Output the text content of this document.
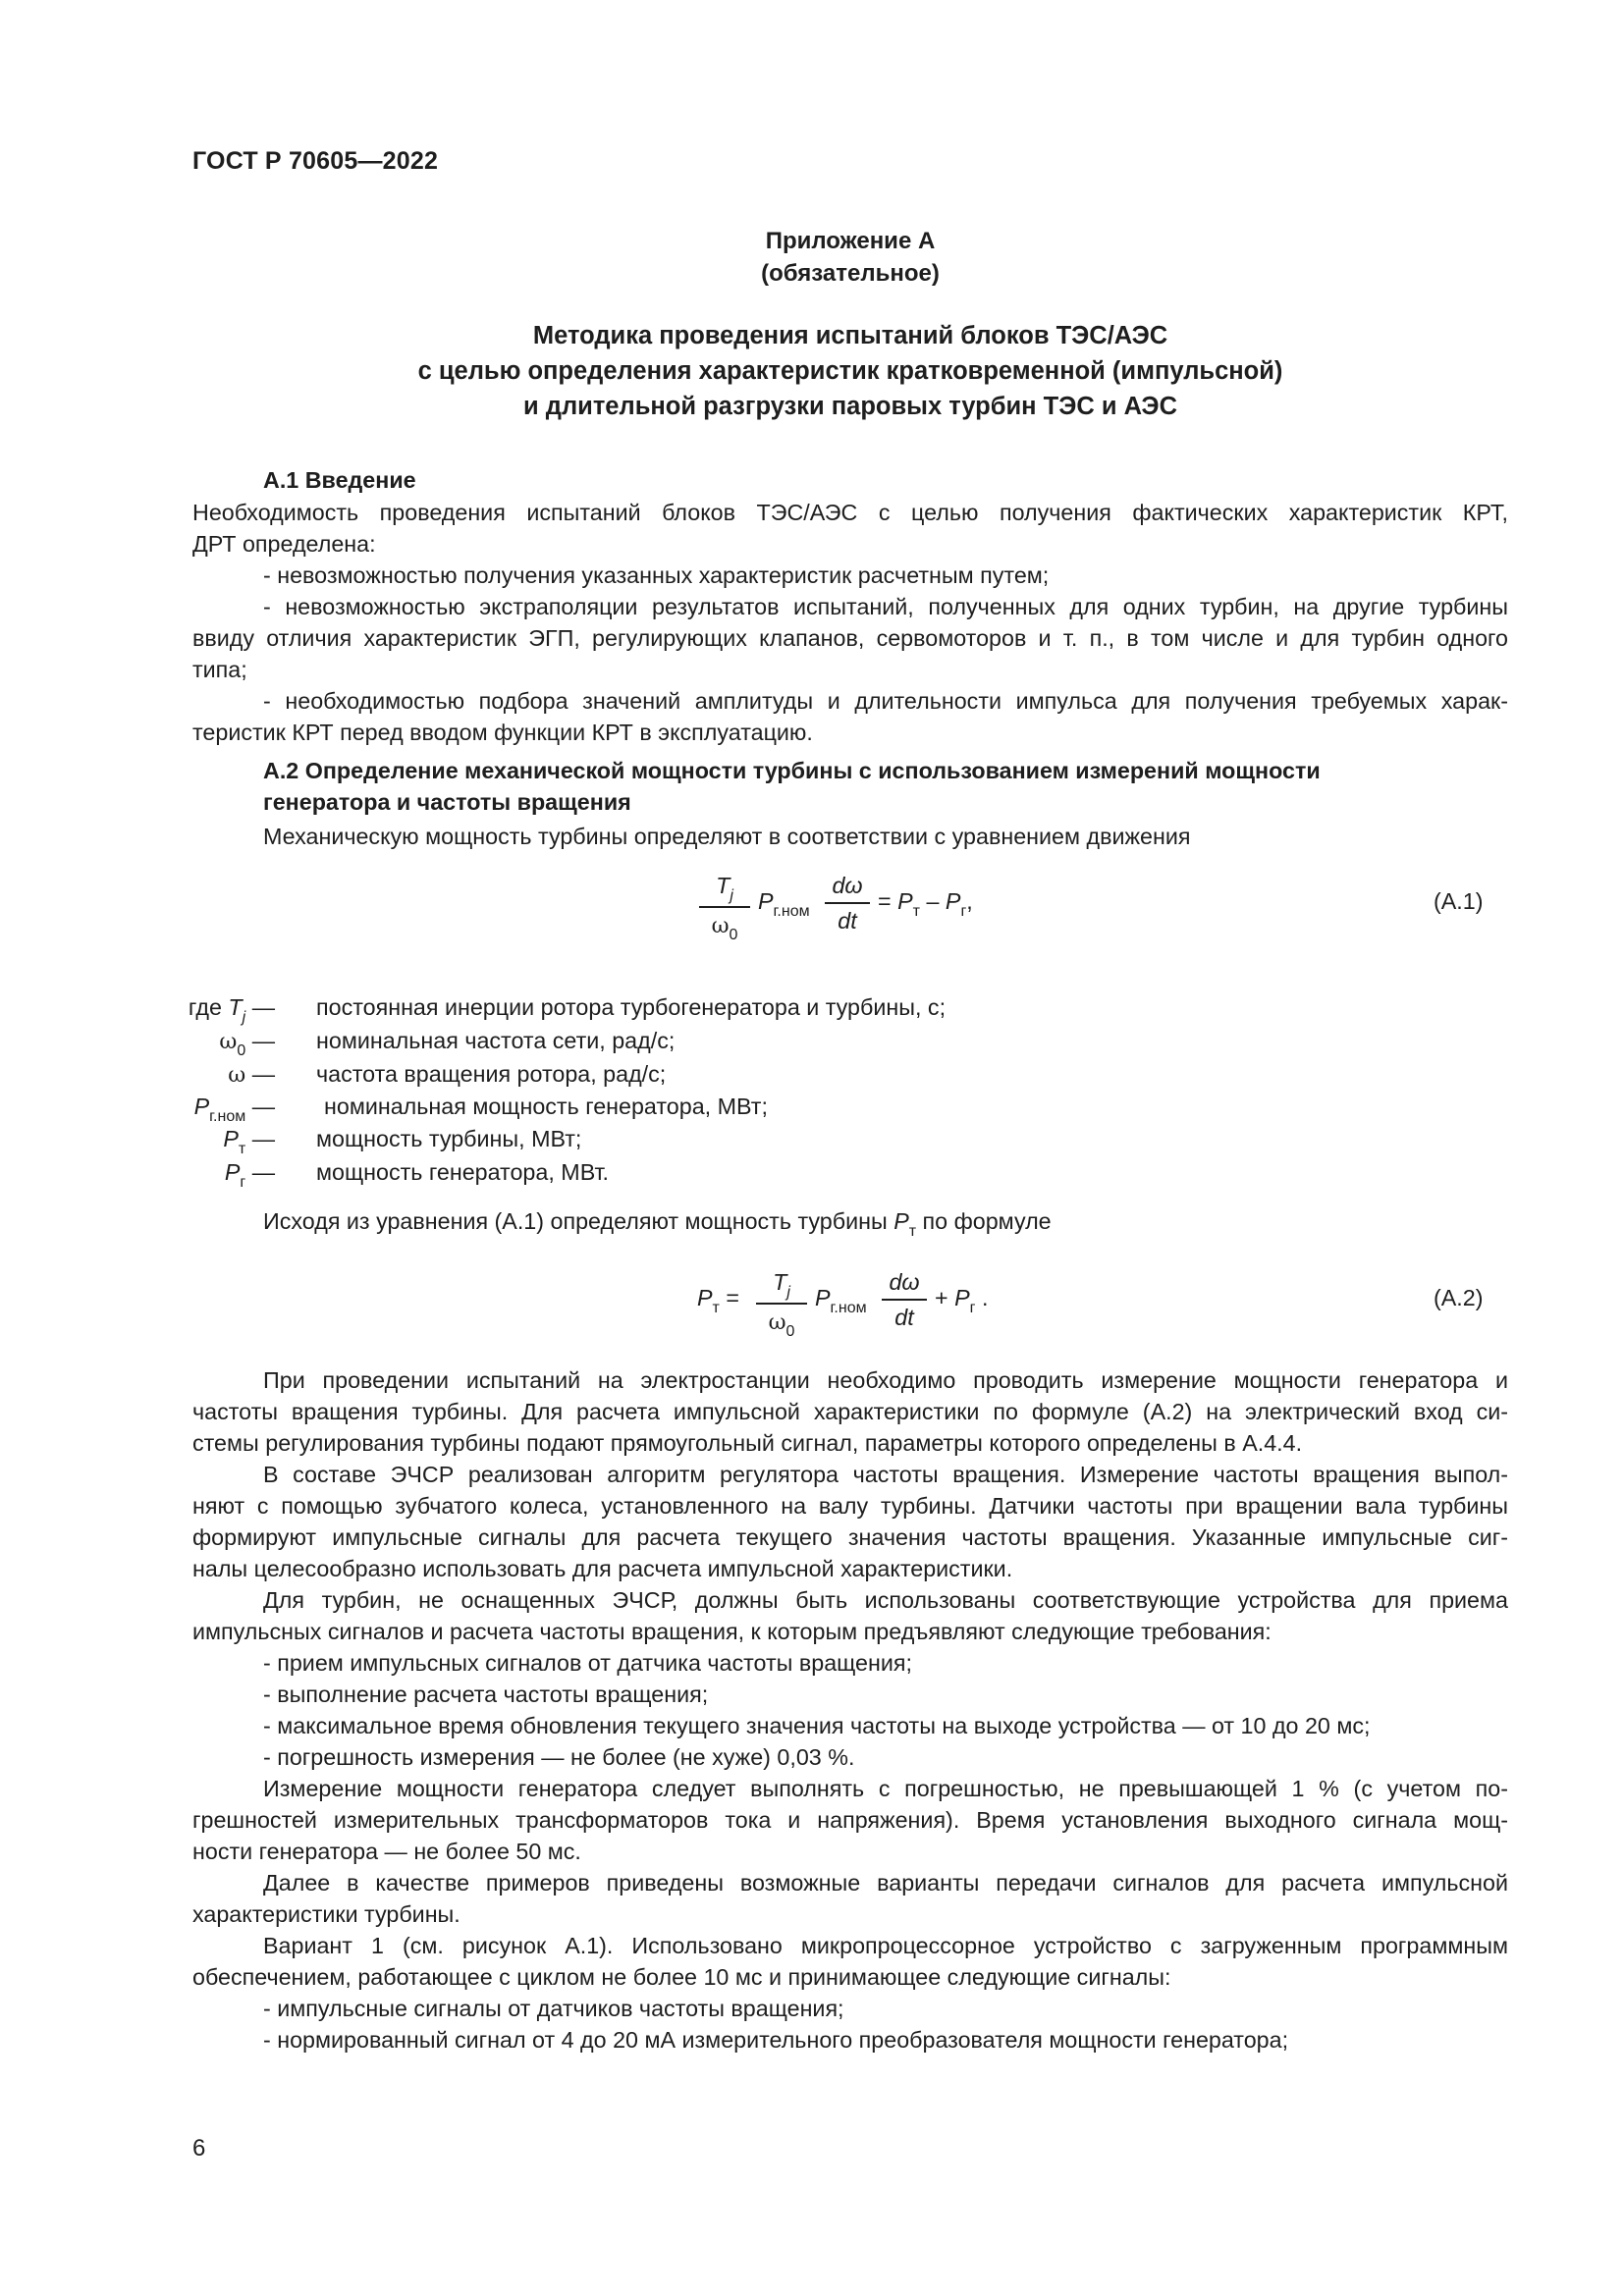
ГОСТ Р 70605—2022
Приложение А
(обязательное)
Методика проведения испытаний блоков ТЭС/АЭС
с целью определения характеристик кратковременной (импульсной)
и длительной разгрузки паровых турбин ТЭС и АЭС
А.1 Введение
Необходимость проведения испытаний блоков ТЭС/АЭС с целью получения фактических характеристик КРТ,
ДРТ определена:
- невозможностью получения указанных характеристик расчетным путем;
- невозможностью экстраполяции результатов испытаний, полученных для одних турбин, на другие турбины
ввиду отличия характеристик ЭГП, регулирующих клапанов, сервомоторов и т. п., в том числе и для турбин одного
типа;
- необходимостью подбора значений амплитуды и длительности импульса для получения требуемых харак-
теристик КРТ перед вводом функции КРТ в эксплуатацию.
А.2 Определение механической мощности турбины с использованием измерений мощности
генератора и частоты вращения
Механическую мощность турбины определяют в соответствии с уравнением движения
$T_j$
$\omega_0$
$P_{г.ном}$
dω
dt
= $P_т - P_г$,	(А.1)
где $T_j$ — постоянная инерции ротора турбогенератора и турбины, с;
$\omega_0$ — номинальная частота сети, рад/с;
ω — частота вращения ротора, рад/с;
$P_{г.ном}$ — номинальная мощность генератора, МВт;
$P_т$ — мощность турбины, МВт;
$P_г$ — мощность генератора, МВт.
Исходя из уравнения (А.1) определяют мощность турбины $P_т$ по формуле
$P_т$ =
$T_j$
$\omega_0$
$P_{г.ном}$
dω
dt
+ $P_г$ .	(А.2)
При проведении испытаний на электростанции необходимо проводить измерение мощности генератора и
частоты вращения турбины. Для расчета импульсной характеристики по формуле (А.2) на электрический вход си-
стемы регулирования турбины подают прямоугольный сигнал, параметры которого определены в А.4.4.
В составе ЭЧСР реализован алгоритм регулятора частоты вращения. Измерение частоты вращения выпол-
няют с помощью зубчатого колеса, установленного на валу турбины. Датчики частоты при вращении вала турбины
формируют импульсные сигналы для расчета текущего значения частоты вращения. Указанные импульсные сиг-
налы целесообразно использовать для расчета импульсной характеристики.
Для турбин, не оснащенных ЭЧСР, должны быть использованы соответствующие устройства для приема
импульсных сигналов и расчета частоты вращения, к которым предъявляют следующие требования:
- прием импульсных сигналов от датчика частоты вращения;
- выполнение расчета частоты вращения;
- максимальное время обновления текущего значения частоты на выходе устройства — от 10 до 20 мс;
- погрешность измерения — не более (не хуже) 0,03 %.
Измерение мощности генератора следует выполнять с погрешностью, не превышающей 1 % (с учетом по-
грешностей измерительных трансформаторов тока и напряжения). Время установления выходного сигнала мощ-
ности генератора — не более 50 мс.
Далее в качестве примеров приведены возможные варианты передачи сигналов для расчета импульсной
характеристики турбины.
Вариант 1 (см. рисунок А.1). Использовано микропроцессорное устройство с загруженным программным
обеспечением, работающее с циклом не более 10 мс и принимающее следующие сигналы:
- импульсные сигналы от датчиков частоты вращения;
- нормированный сигнал от 4 до 20 мА измерительного преобразователя мощности генератора;
6
